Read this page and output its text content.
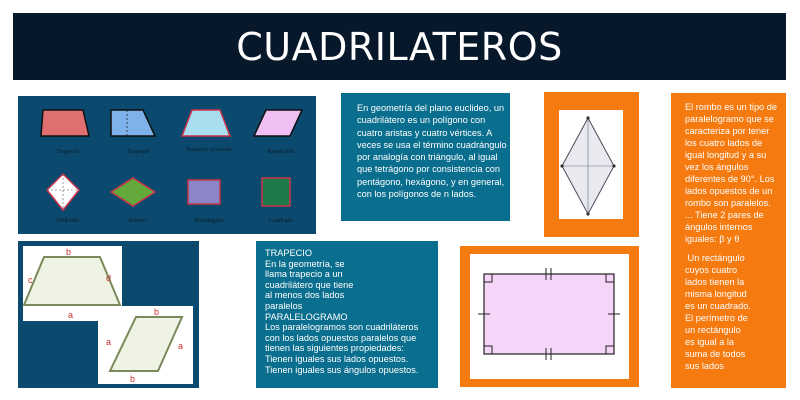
CUADRILATEROS
Trapecio	Trapecio	Trapecio isósceles	Romboide
Deltoide	Rombo	Rectángulo	Cuadrado
En geometría del plano euclideo, un cuadrilátero es un polígono con cuatro aristas y cuatro vértices. A veces se usa el término cuadrángulo por analogía con triángulo, al igual que tetrágono por consistencia con pentágono, hexágono, y en general, con los polígonos de n lados.
El rombo es un tipo de
paralelogramo que se
caracteriza por tener
los cuatro lados de
igual longitud y a su
vez los ángulos
diferentes de 90°. Los
lados opuestos de un
rombo son paralelos.
... Tiene 2 pares de
ángulos internos
iguales: β y θ
Un rectángulo
cuyos cuatro
lados tienen la
misma longitud
es un cuadrado.
El perímetro de
un rectángulo
es igual a la
suma de todos
sus lados
b
c	d
a	b
a	a
b
TRAPECIO
En la geometría, se
llama trapecio a un
cuadrilátero que tiene
al menos dos lados
paralelos
PARALELOGRAMO
Los paralelogramos son cuadriláteros
con los lados opuestos paralelos que
tienen las siguientes propiedades:
Tienen iguales sus lados opuestos.
Tienen iguales sus ángulos opuestos.
